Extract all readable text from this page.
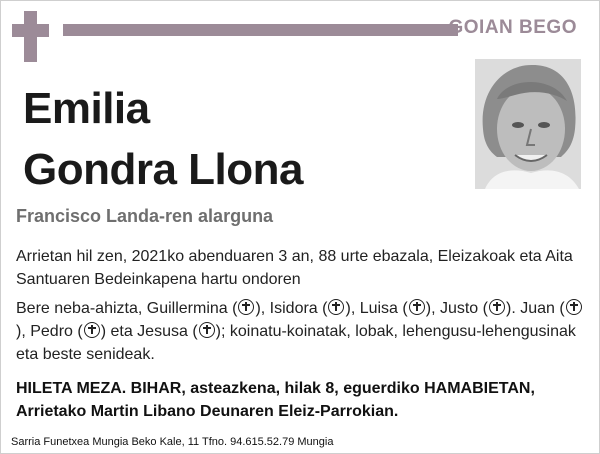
GOIAN BEGO
Emilia
Gondra Llona
Francisco Landa-ren alarguna
Arrietan hil zen, 2021ko abenduaren 3 an, 88 urte ebazala, Eleizakoak eta Aita Santuaren Bedeinkapena hartu ondoren
Bere neba-ahizta, Guillermina ( ), Isidora ( ), Luisa ( ), Justo ( ). Juan (), Pedro ( ) eta Jesusa ( ); koinatu-koinatak, lobak, lehengusu-lehengusinak eta beste senideak.
HILETA MEZA. BIHAR, asteazkena, hilak 8, eguerdiko HAMABIETAN, Arrietako Martin Libano Deunaren Eleiz-Parrokian.
Sarria Funetxea Mungia Beko Kale, 11 Tfno. 94.615.52.79 Mungia
